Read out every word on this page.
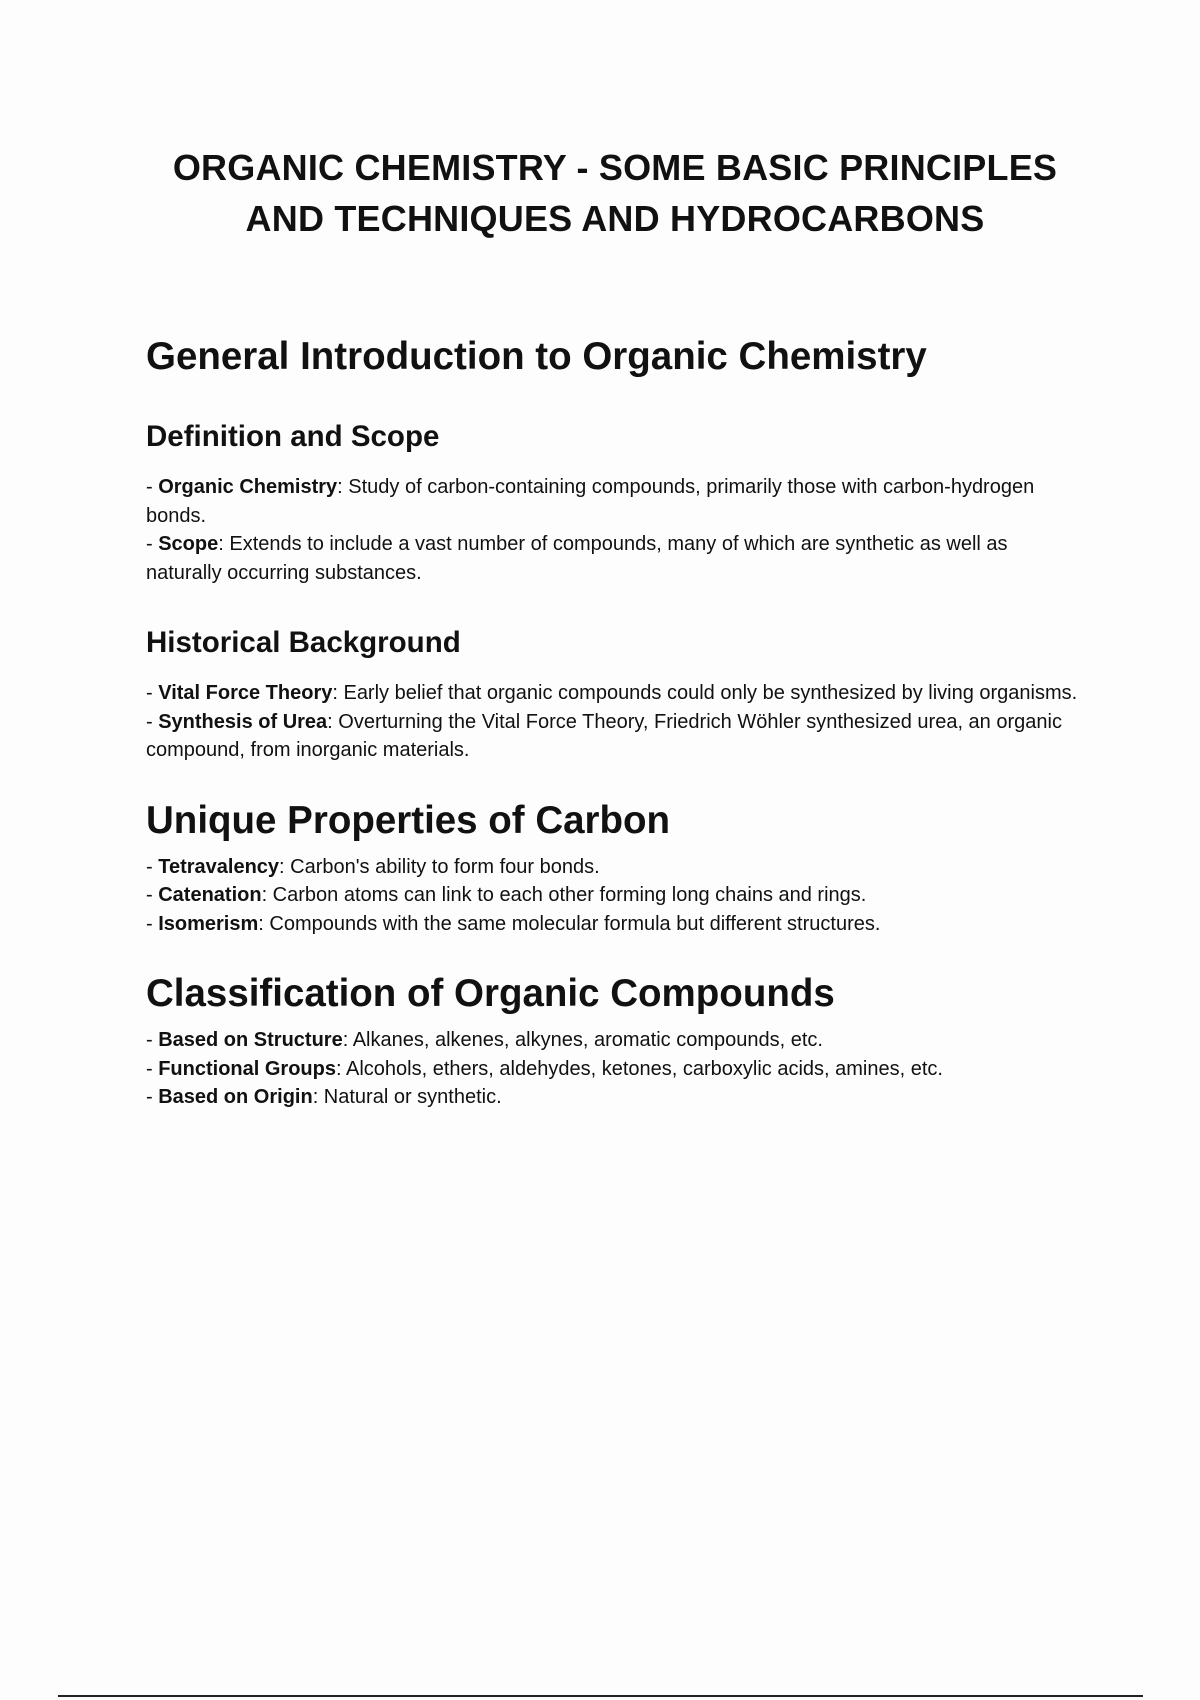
ORGANIC CHEMISTRY - SOME BASIC PRINCIPLES
AND TECHNIQUES AND HYDROCARBONS
General Introduction to Organic Chemistry
Definition and Scope
- Organic Chemistry: Study of carbon-containing compounds, primarily those with carbon-hydrogen bonds.
- Scope: Extends to include a vast number of compounds, many of which are synthetic as well as naturally occurring substances.
Historical Background
- Vital Force Theory: Early belief that organic compounds could only be synthesized by living organisms.
- Synthesis of Urea: Overturning the Vital Force Theory, Friedrich Wöhler synthesized urea, an organic compound, from inorganic materials.
Unique Properties of Carbon
- Tetravalency: Carbon's ability to form four bonds.
- Catenation: Carbon atoms can link to each other forming long chains and rings.
- Isomerism: Compounds with the same molecular formula but different structures.
Classification of Organic Compounds
- Based on Structure: Alkanes, alkenes, alkynes, aromatic compounds, etc.
- Functional Groups: Alcohols, ethers, aldehydes, ketones, carboxylic acids, amines, etc.
- Based on Origin: Natural or synthetic.
